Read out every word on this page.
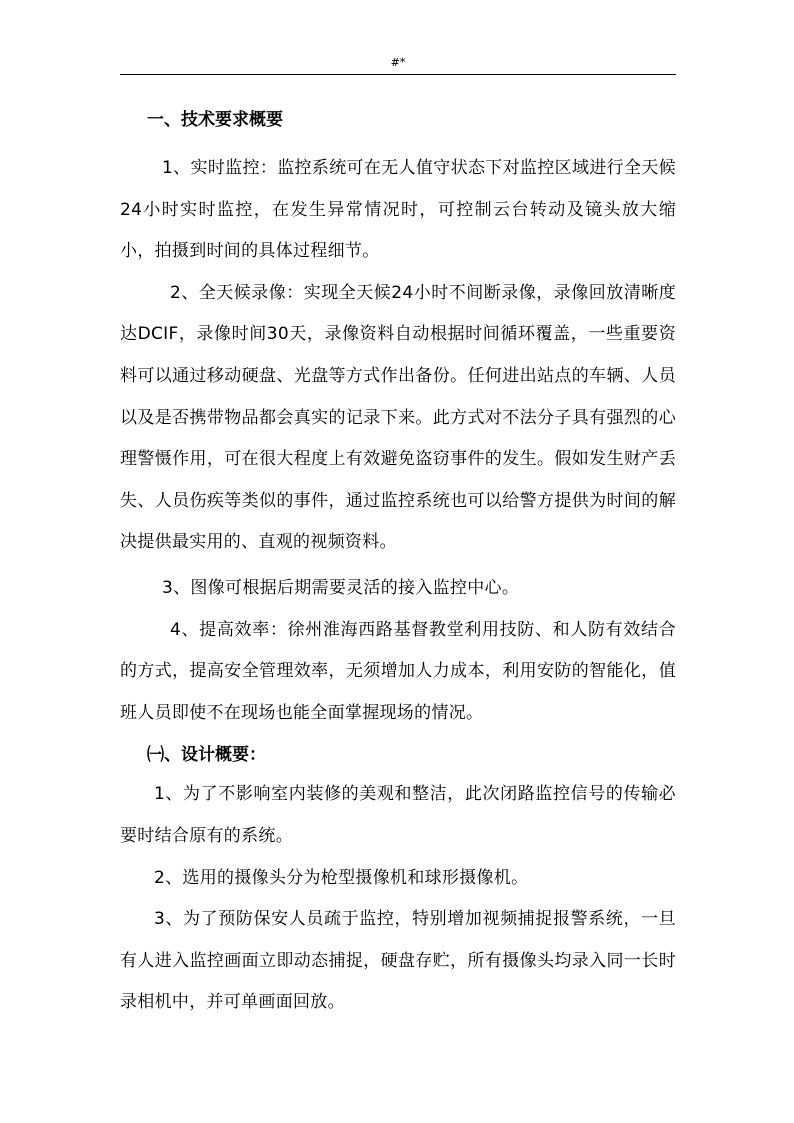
#*

一、技术要求概要

1、实时监控：监控系统可在无人值守状态下对监控区域进行全天候24小时实时监控，在发生异常情况时，可控制云台转动及镜头放大缩小，拍摄到时间的具体过程细节。

2、全天候录像：实现全天候24小时不间断录像，录像回放清晰度达DCIF，录像时间30天，录像资料自动根据时间循环覆盖，一些重要资料可以通过移动硬盘、光盘等方式作出备份。任何进出站点的车辆、人员以及是否携带物品都会真实的记录下来。此方式对不法分子具有强烈的心理警慑作用，可在很大程度上有效避免盗窃事件的发生。假如发生财产丢失、人员伤疾等类似的事件，通过监控系统也可以给警方提供为时间的解决提供最实用的、直观的视频资料。

3、图像可根据后期需要灵活的接入监控中心。

4、提高效率：徐州淮海西路基督教堂利用技防、和人防有效结合的方式，提高安全管理效率，无须增加人力成本，利用安防的智能化，值班人员即使不在现场也能全面掌握现场的情况。

㈠、设计概要：

1、为了不影响室内装修的美观和整洁，此次闭路监控信号的传输必要时结合原有的系统。

2、选用的摄像头分为枪型摄像机和球形摄像机。

3、为了预防保安人员疏于监控，特别增加视频捕捉报警系统，一旦有人进入监控画面立即动态捕捉，硬盘存贮，所有摄像头均录入同一长时录相机中，并可单画面回放。
